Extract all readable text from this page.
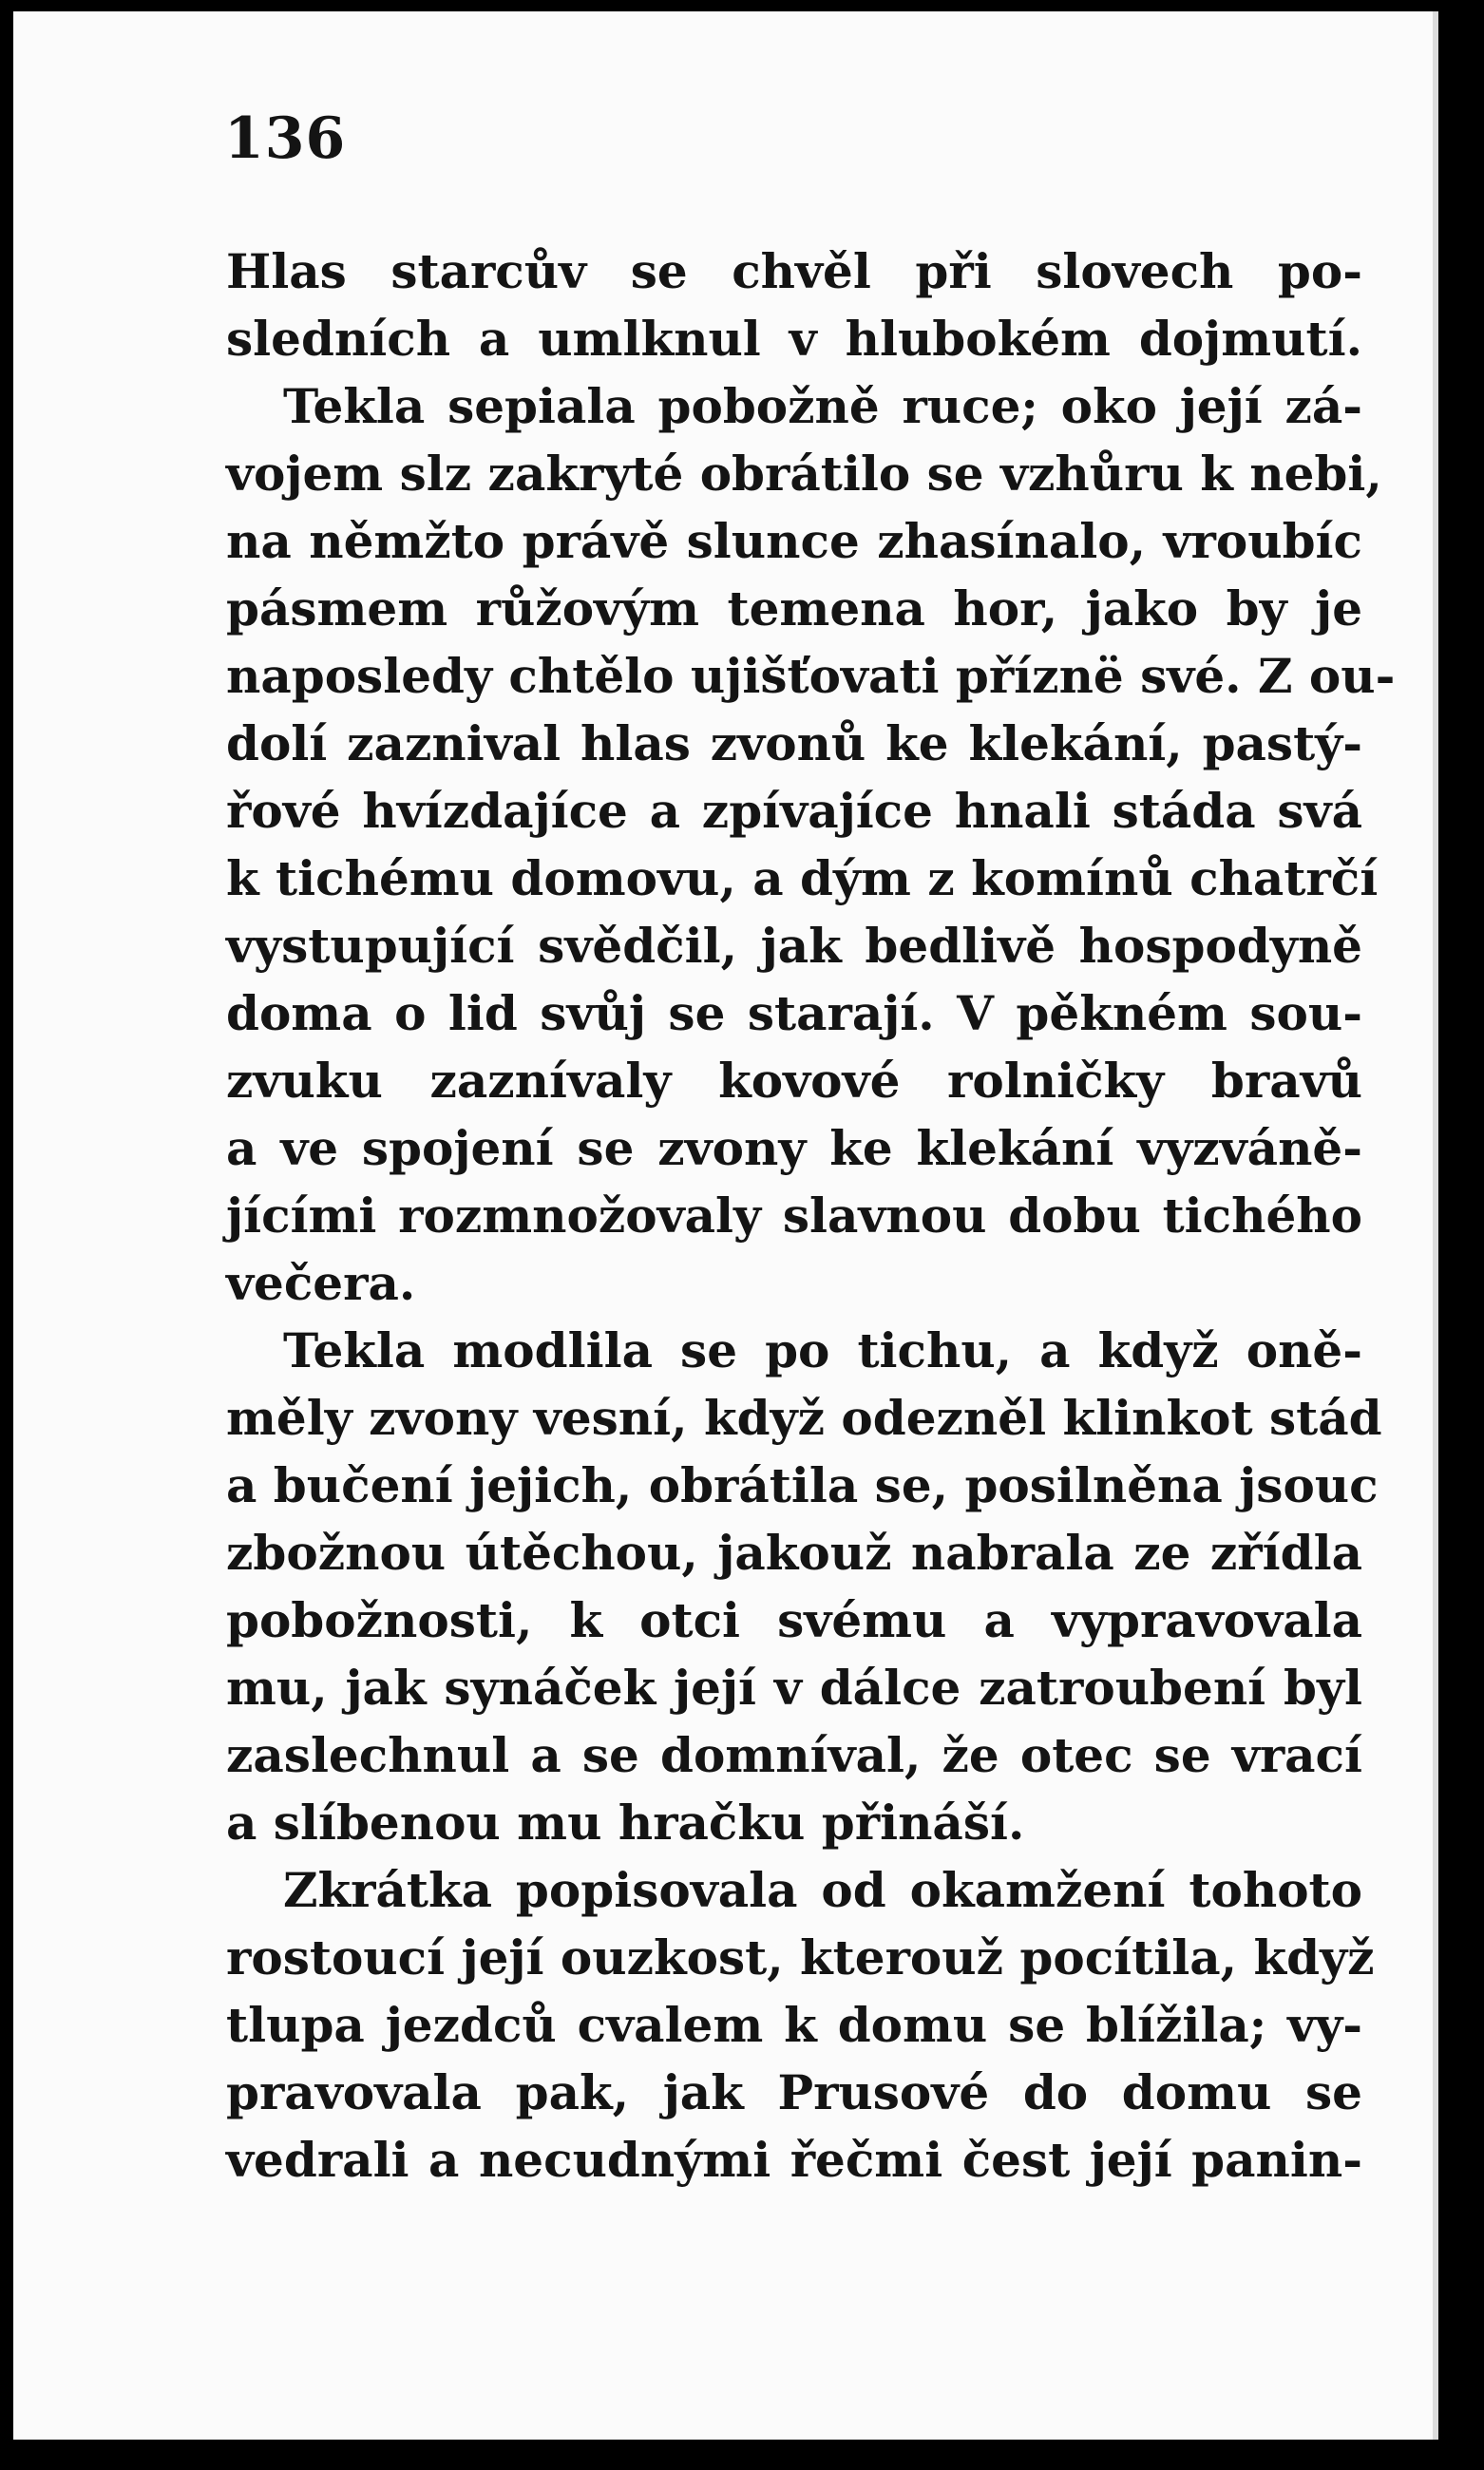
136
Hlas starcův se chvěl při slovech po-
sledních a umlknul v hlubokém dojmutí.
Tekla sepiala pobožně ruce; oko její zá-
vojem slz zakryté obrátilo se vzhůru k nebi,
na němžto právě slunce zhasínalo, vroubíc
pásmem růžovým temena hor, jako by je
naposledy chtělo ujišťovati příznë své. Z ou-
dolí zaznival hlas zvonů ke klekání, pastý-
řové hvízdajíce a zpívajíce hnali stáda svá
k tichému domovu, a dým z komínů chatrčí
vystupující svědčil, jak bedlivě hospodyně
doma o lid svůj se starají. V pěkném sou-
zvuku zaznívaly kovové rolničky bravů
a ve spojení se zvony ke klekání vyzváně-
jícími rozmnožovaly slavnou dobu tichého
večera.
Tekla modlila se po tichu, a když oně-
měly zvony vesní, když odezněl klinkot stád
a bučení jejich, obrátila se, posilněna jsouc
zbožnou útěchou, jakouž nabrala ze zřídla
pobožnosti, k otci svému a vypravovala
mu, jak synáček její v dálce zatroubení byl
zaslechnul a se domníval, že otec se vrací
a slíbenou mu hračku přináší.
Zkrátka popisovala od okamžení tohoto
rostoucí její ouzkost, kterouž pocítila, když
tlupa jezdců cvalem k domu se blížila; vy-
pravovala pak, jak Prusové do domu se
vedrali a necudnými řečmi čest její panin-
